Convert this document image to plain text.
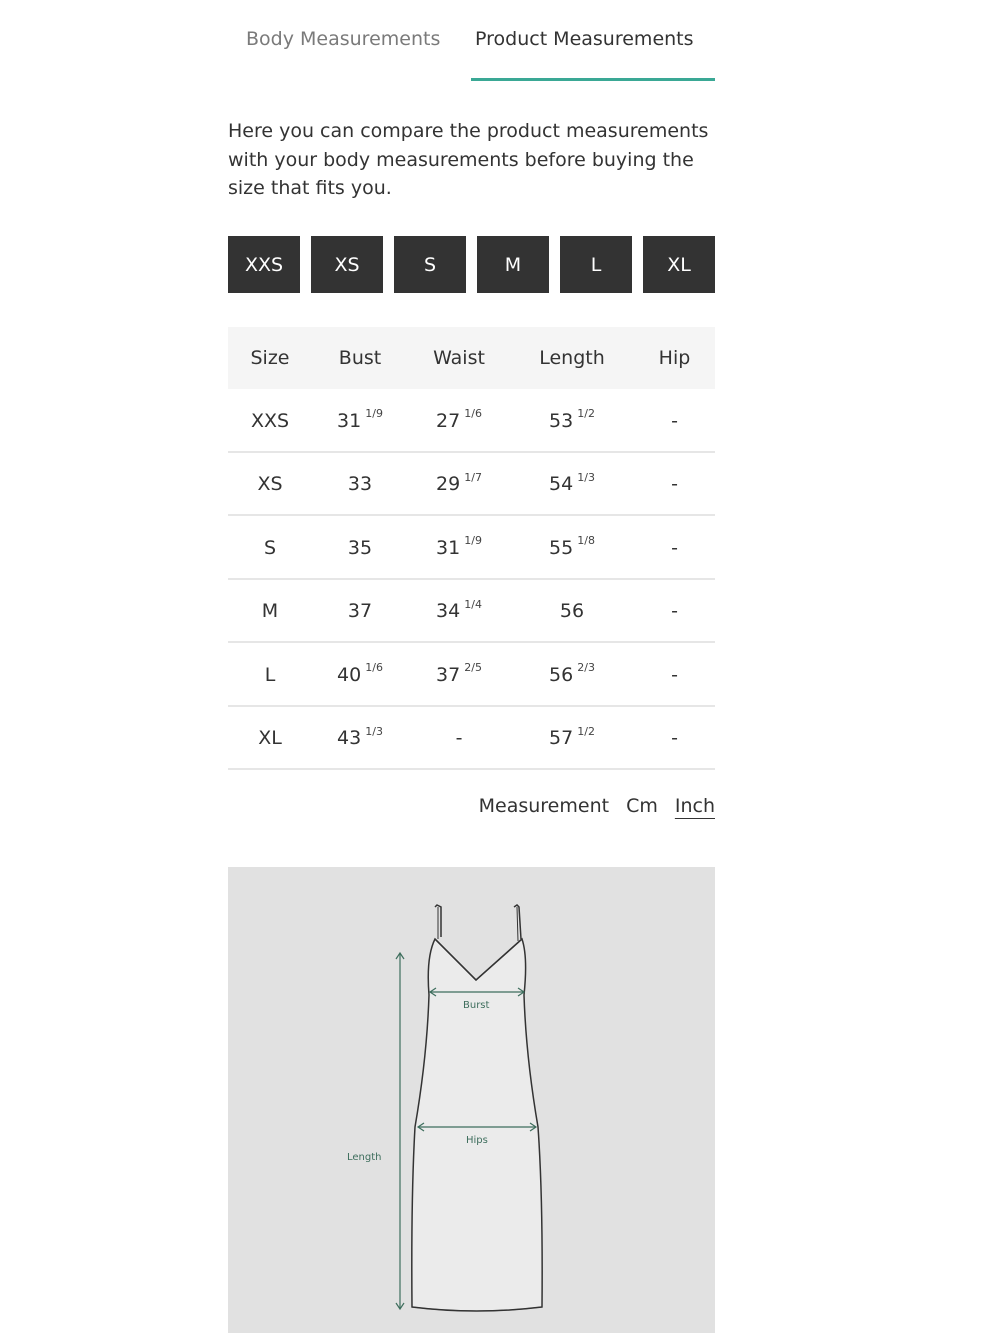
Body Measurements Product Measurements

Here you can compare the product measurements with your body measurements before buying the size that fits you.

XXS	XS	S	M	L	XL
Size	Bust	Waist	Length	Hip
XXS	31 1/9	27 1/6	53 1/2	-
XS	33	29 1/7	54 1/3	-
S	35	31 1/9	55 1/8	-
M	37	34 1/4	56	-
L	40 1/6	37 2/5	56 2/3	-
XL	43 1/3	-	57 1/2	-
Measurement Cm Inch
Burst
Hips
Length
